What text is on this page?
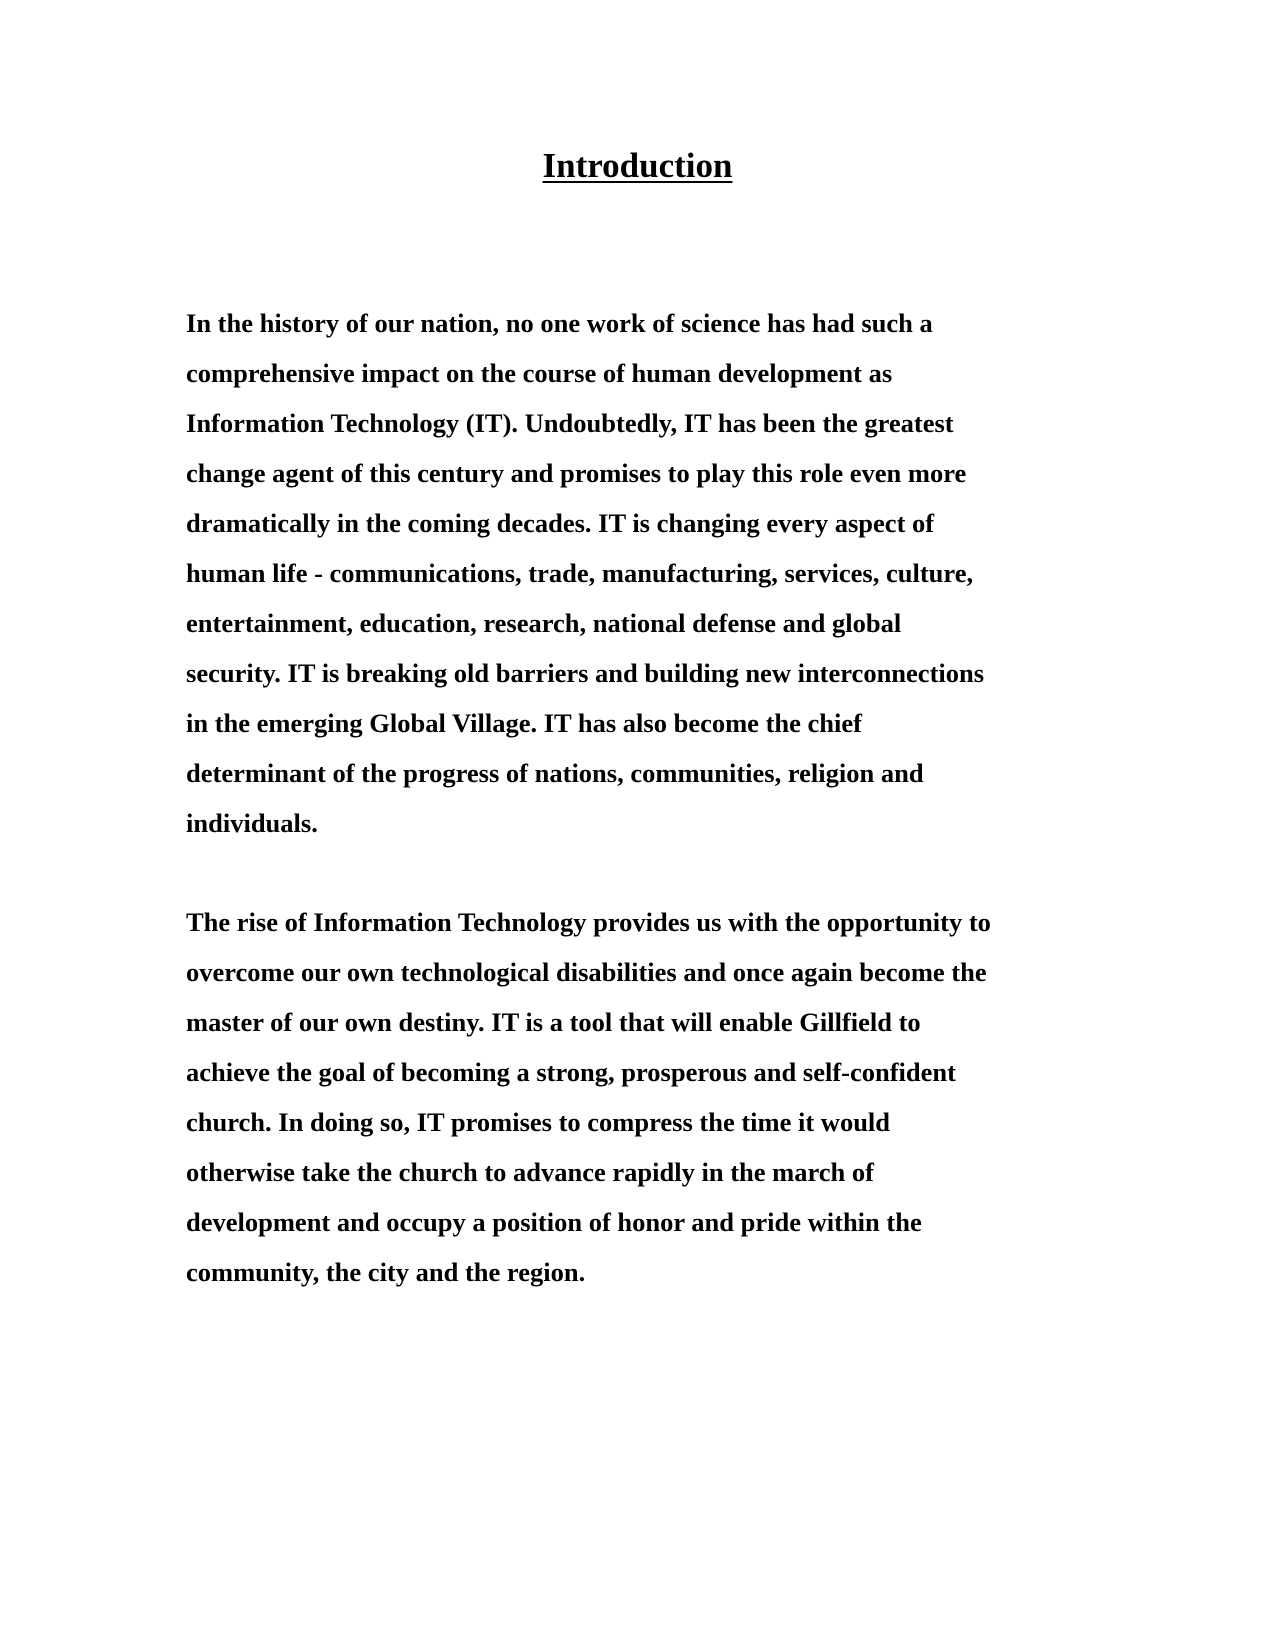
Introduction

In the history of our nation, no one work of science has had such a
comprehensive impact on the course of human development as
Information Technology (IT). Undoubtedly, IT has been the greatest
change agent of this century and promises to play this role even more
dramatically in the coming decades. IT is changing every aspect of
human life - communications, trade, manufacturing, services, culture,
entertainment, education, research, national defense and global
security. IT is breaking old barriers and building new interconnections
in the emerging Global Village. IT has also become the chief
determinant of the progress of nations, communities, religion and
individuals.

The rise of Information Technology provides us with the opportunity to
overcome our own technological disabilities and once again become the
master of our own destiny. IT is a tool that will enable Gillfield to
achieve the goal of becoming a strong, prosperous and self-confident
church. In doing so, IT promises to compress the time it would
otherwise take the church to advance rapidly in the march of
development and occupy a position of honor and pride within the
community, the city and the region.
